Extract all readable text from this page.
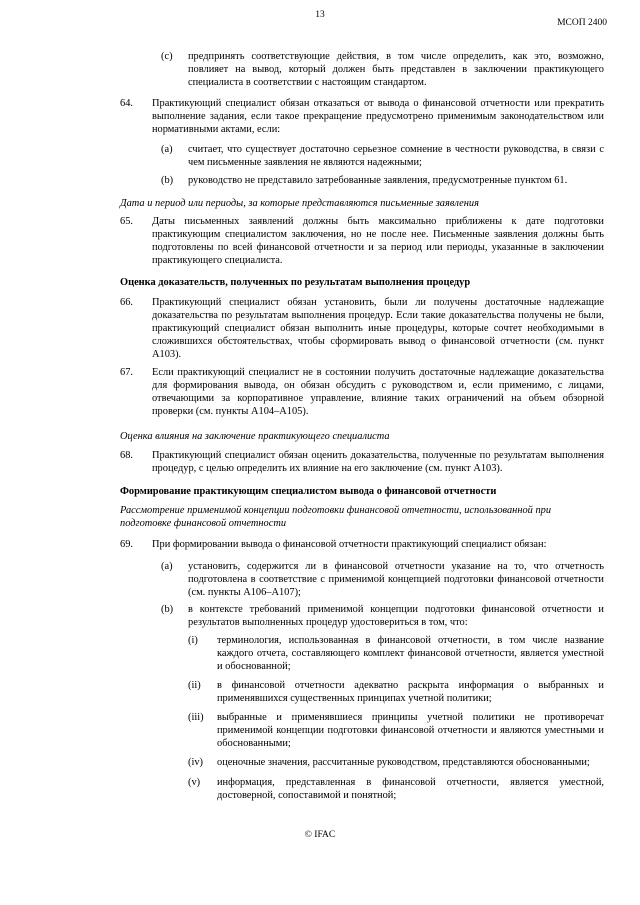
13
МСОП 2400
(c) предпринять соответствующие действия, в том числе определить, как это, возможно, повлияет на вывод, который должен быть представлен в заключении практикующего специалиста в соответствии с настоящим стандартом.
64. Практикующий специалист обязан отказаться от вывода о финансовой отчетности или прекратить выполнение задания, если такое прекращение предусмотрено применимым законодательством или нормативными актами, если:
(a) считает, что существует достаточно серьезное сомнение в честности руководства, в связи с чем письменные заявления не являются надежными;
(b) руководство не представило затребованные заявления, предусмотренные пунктом 61.
Дата и период или периоды, за которые представляются письменные заявления
65. Даты письменных заявлений должны быть максимально приближены к дате подготовки практикующим специалистом заключения, но не после нее. Письменные заявления должны быть подготовлены по всей финансовой отчетности и за период или периоды, указанные в заключении практикующего специалиста.
Оценка доказательств, полученных по результатам выполнения процедур
66. Практикующий специалист обязан установить, были ли получены достаточные надлежащие доказательства по результатам выполнения процедур. Если такие доказательства получены не были, практикующий специалист обязан выполнить иные процедуры, которые сочтет необходимыми в сложившихся обстоятельствах, чтобы сформировать вывод о финансовой отчетности (см. пункт A103).
67. Если практикующий специалист не в состоянии получить достаточные надлежащие доказательства для формирования вывода, он обязан обсудить с руководством и, если применимо, с лицами, отвечающими за корпоративное управление, влияние таких ограничений на объем обзорной проверки (см. пункты A104–A105).
Оценка влияния на заключение практикующего специалиста
68. Практикующий специалист обязан оценить доказательства, полученные по результатам выполнения процедур, с целью определить их влияние на его заключение (см. пункт A103).
Формирование практикующим специалистом вывода о финансовой отчетности
Рассмотрение применимой концепции подготовки финансовой отчетности, использованной при подготовке финансовой отчетности
69. При формировании вывода о финансовой отчетности практикующий специалист обязан:
(a) установить, содержится ли в финансовой отчетности указание на то, что отчетность подготовлена в соответствие с применимой концепцией подготовки финансовой отчетности (см. пункты A106–A107);
(b) в контексте требований применимой концепции подготовки финансовой отчетности и результатов выполненных процедур удостовериться в том, что:
(i) терминология, использованная в финансовой отчетности, в том числе название каждого отчета, составляющего комплект финансовой отчетности, является уместной и обоснованной;
(ii) в финансовой отчетности адекватно раскрыта информация о выбранных и применявшихся существенных принципах учетной политики;
(iii) выбранные и применявшиеся принципы учетной политики не противоречат применимой концепции подготовки финансовой отчетности и являются уместными и обоснованными;
(iv) оценочные значения, рассчитанные руководством, представляются обоснованными;
(v) информация, представленная в финансовой отчетности, является уместной, достоверной, сопоставимой и понятной;
© IFAC
